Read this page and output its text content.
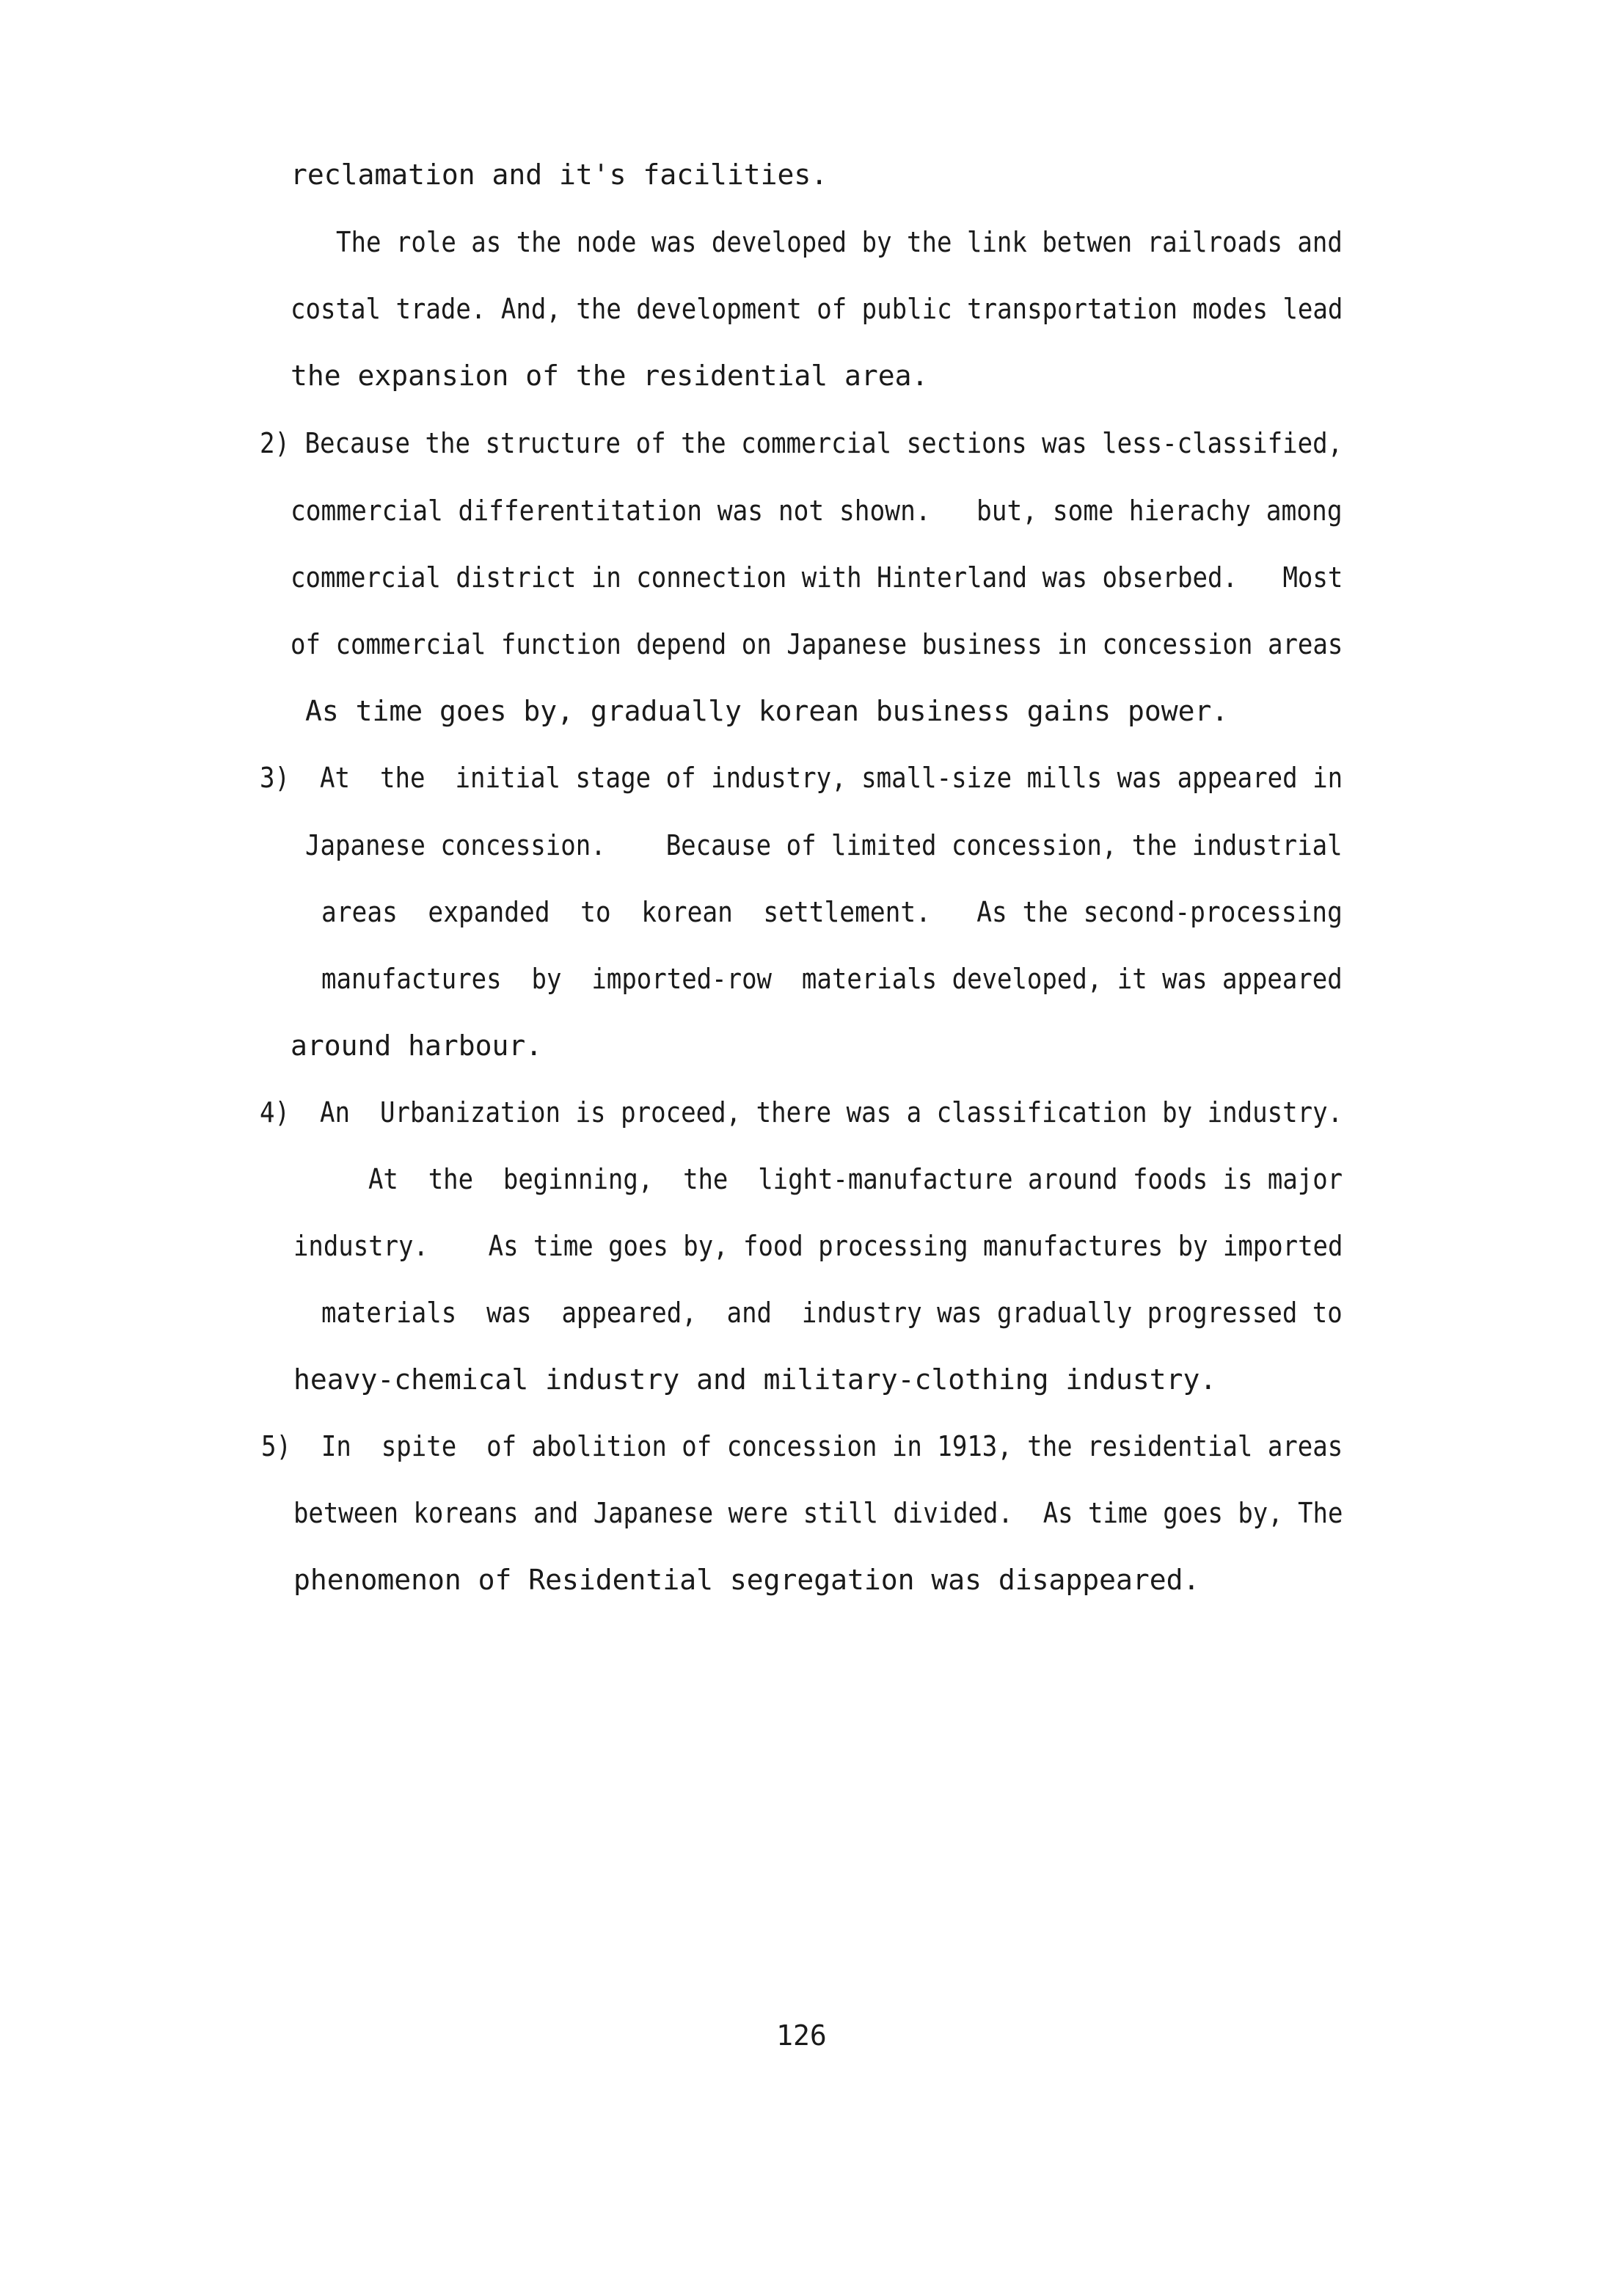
reclamation and it's facilities.
The role as the node was developed by the link betwen railroads and
costal trade. And, the development of public transportation modes lead
the expansion of the residential area.
2) Because the structure of the commercial sections was less-classified,
commercial differentitation was not shown.   but, some hierachy among
commercial district in connection with Hinterland was obserbed.   Most
of commercial function depend on Japanese business in concession areas
As time goes by, gradually korean business gains power.
3)  At  the  initial stage of industry, small-size mills was appeared in
Japanese concession.    Because of limited concession, the industrial
areas  expanded  to  korean  settlement.   As the second-processing
manufactures  by  imported-row  materials developed, it was appeared
around harbour.
4)  An  Urbanization is proceed, there was a classification by industry.
At  the  beginning,  the  light-manufacture around foods is major
industry.    As time goes by, food processing manufactures by imported
materials  was  appeared,  and  industry was gradually progressed to
heavy-chemical industry and military-clothing industry.
5)  In  spite  of abolition of concession in 1913, the residential areas
between koreans and Japanese were still divided.  As time goes by, The
phenomenon of Residential segregation was disappeared.
126
